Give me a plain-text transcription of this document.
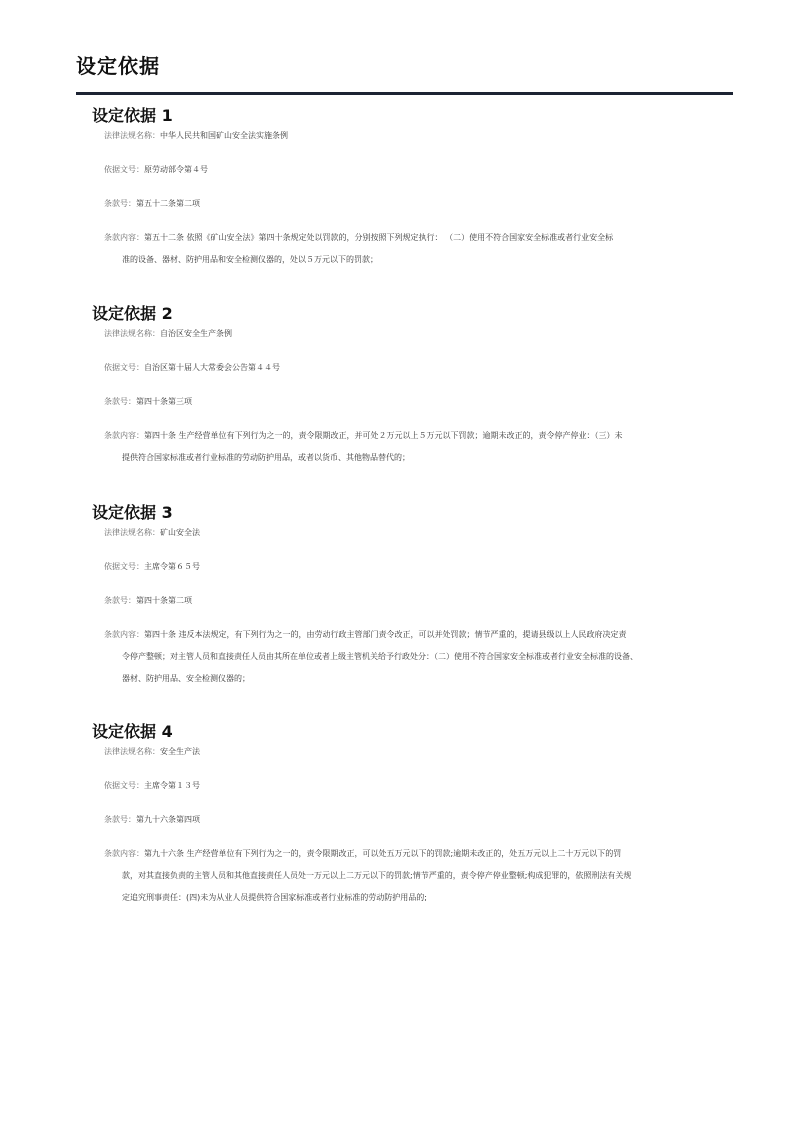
设定依据
设定依据 1
法律法规名称：中华人民共和国矿山安全法实施条例
依据文号：原劳动部令第４号
条款号：第五十二条第二项
条款内容：第五十二条 依照《矿山安全法》第四十条规定处以罚款的，分别按照下列规定执行： （二）使用不符合国家安全标准或者行业安全标
准的设备、器材、防护用品和安全检测仪器的，处以５万元以下的罚款；
设定依据 2
法律法规名称：自治区安全生产条例
依据文号：自治区第十届人大常委会公告第４４号
条款号：第四十条第三项
条款内容：第四十条 生产经营单位有下列行为之一的，责令限期改正，并可处２万元以上５万元以下罚款；逾期未改正的，责令停产停业：（三）未
提供符合国家标准或者行业标准的劳动防护用品，或者以货币、其他物品替代的；
设定依据 3
法律法规名称：矿山安全法
依据文号：主席令第６５号
条款号：第四十条第二项
条款内容：第四十条 违反本法规定，有下列行为之一的，由劳动行政主管部门责令改正，可以并处罚款；情节严重的，提请县级以上人民政府决定责
令停产整顿；对主管人员和直接责任人员由其所在单位或者上级主管机关给予行政处分：（二）使用不符合国家安全标准或者行业安全标准的设备、
器材、防护用品、安全检测仪器的；
设定依据 4
法律法规名称：安全生产法
依据文号：主席令第１３号
条款号：第九十六条第四项
条款内容：第九十六条 生产经营单位有下列行为之一的，责令限期改正，可以处五万元以下的罚款;逾期未改正的，处五万元以上二十万元以下的罚
款，对其直接负责的主管人员和其他直接责任人员处一万元以上二万元以下的罚款;情节严重的，责令停产停业整顿;构成犯罪的，依照刑法有关规
定追究刑事责任：(四)未为从业人员提供符合国家标准或者行业标准的劳动防护用品的;
